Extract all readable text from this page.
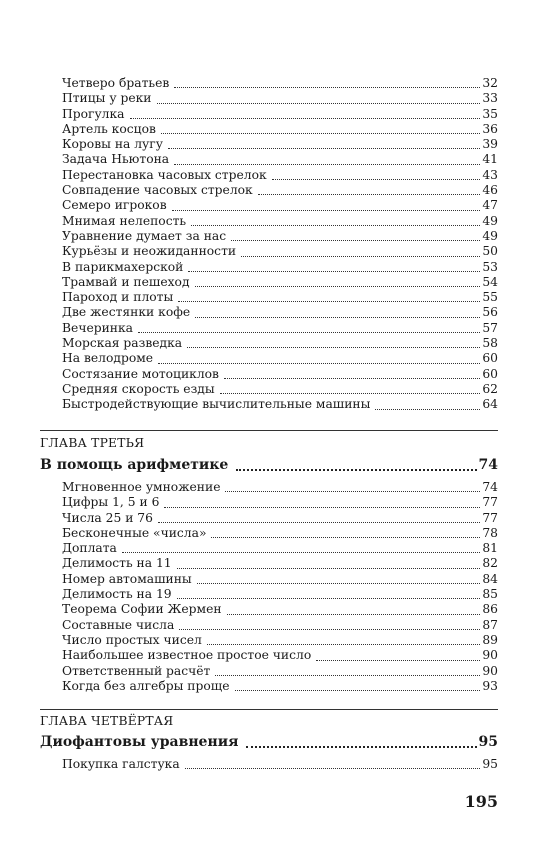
Четверо братьев	32
Птицы у реки	33
Прогулка	35
Артель косцов	36
Коровы на лугу	39
Задача Ньютона	41
Перестановка часовых стрелок	43
Совпадение часовых стрелок	46
Семеро игроков	47
Мнимая нелепость	49
Уравнение думает за нас	49
Курьёзы и неожиданности	50
В парикмахерской	53
Трамвай и пешеход	54
Пароход и плоты	55
Две жестянки кофе	56
Вечеринка	57
Морская разведка	58
На велодроме	60
Состязание мотоциклов	60
Средняя скорость езды	62
Быстродействующие вычислительные машины	64
ГЛАВА ТРЕТЬЯ
В помощь арифметике	74
Мгновенное умножение	74
Цифры 1, 5 и 6	77
Числа 25 и 76	77
Бесконечные «числа»	78
Доплата	81
Делимость на 11	82
Номер автомашины	84
Делимость на 19	85
Теорема Софии Жермен	86
Составные числа	87
Число простых чисел	89
Наибольшее известное простое число	90
Ответственный расчёт	90
Когда без алгебры проще	93
ГЛАВА ЧЕТВЁРТАЯ
Диофантовы уравнения	95
Покупка галстука	95
195
